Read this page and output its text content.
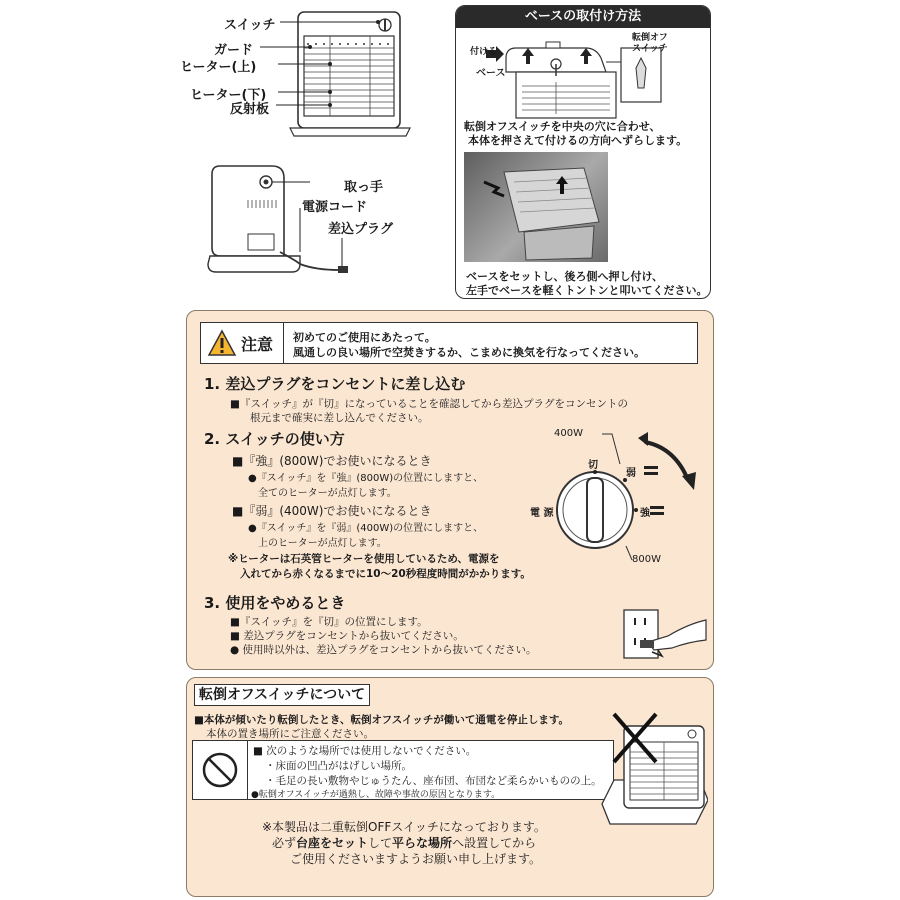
スイッチ
ガード
ヒーター(上)
ヒーター(下)
反射板
取っ手
電源コード
差込プラグ
ベースの取付け方法
付ける
ベース
転倒オフ
スイッチ
転倒オフスイッチを中央の穴に合わせ、
本体を押さえて付けるの方向へずらします。
ベースをセットし、後ろ側へ押し付け、
左手でベースを軽くトントンと叩いてください。
注意 初めてのご使用にあたって。
風通しの良い場所で空焚きするか、こまめに換気を行なってください。
1. 差込プラグをコンセントに差し込む
■『スイッチ』が『切』になっていることを確認してから差込プラグをコンセントの
根元まで確実に差し込んでください。
2. スイッチの使い方
■『強』(800W)でお使いになるとき
●『スイッチ』を『強』(800W)の位置にしますと、
全てのヒーターが点灯します。
■『弱』(400W)でお使いになるとき
●『スイッチ』を『弱』(400W)の位置にしますと、
上のヒーターが点灯します。
※ヒーターは石英管ヒーターを使用しているため、電源を
入れてから赤くなるまでに10〜20秒程度時間がかかります。
400W
800W
切
弱
強
電 源
3. 使用をやめるとき
■『スイッチ』を『切』の位置にします。
■ 差込プラグをコンセントから抜いてください。
● 使用時以外は、差込プラグをコンセントから抜いてください。
転倒オフスイッチについて
■本体が傾いたり転倒したとき、転倒オフスイッチが働いて通電を停止します。
本体の置き場所にご注意ください。
■ 次のような場所では使用しないでください。
・床面の凹凸がはげしい場所。
・毛足の長い敷物やじゅうたん、座布団、布団など柔らかいものの上。
●転倒オフスイッチが過熱し、故障や事故の原因となります。
※本製品は二重転倒OFFスイッチになっております。
必ず台座をセットして平らな場所へ設置してから
ご使用くださいますようお願い申し上げます。
